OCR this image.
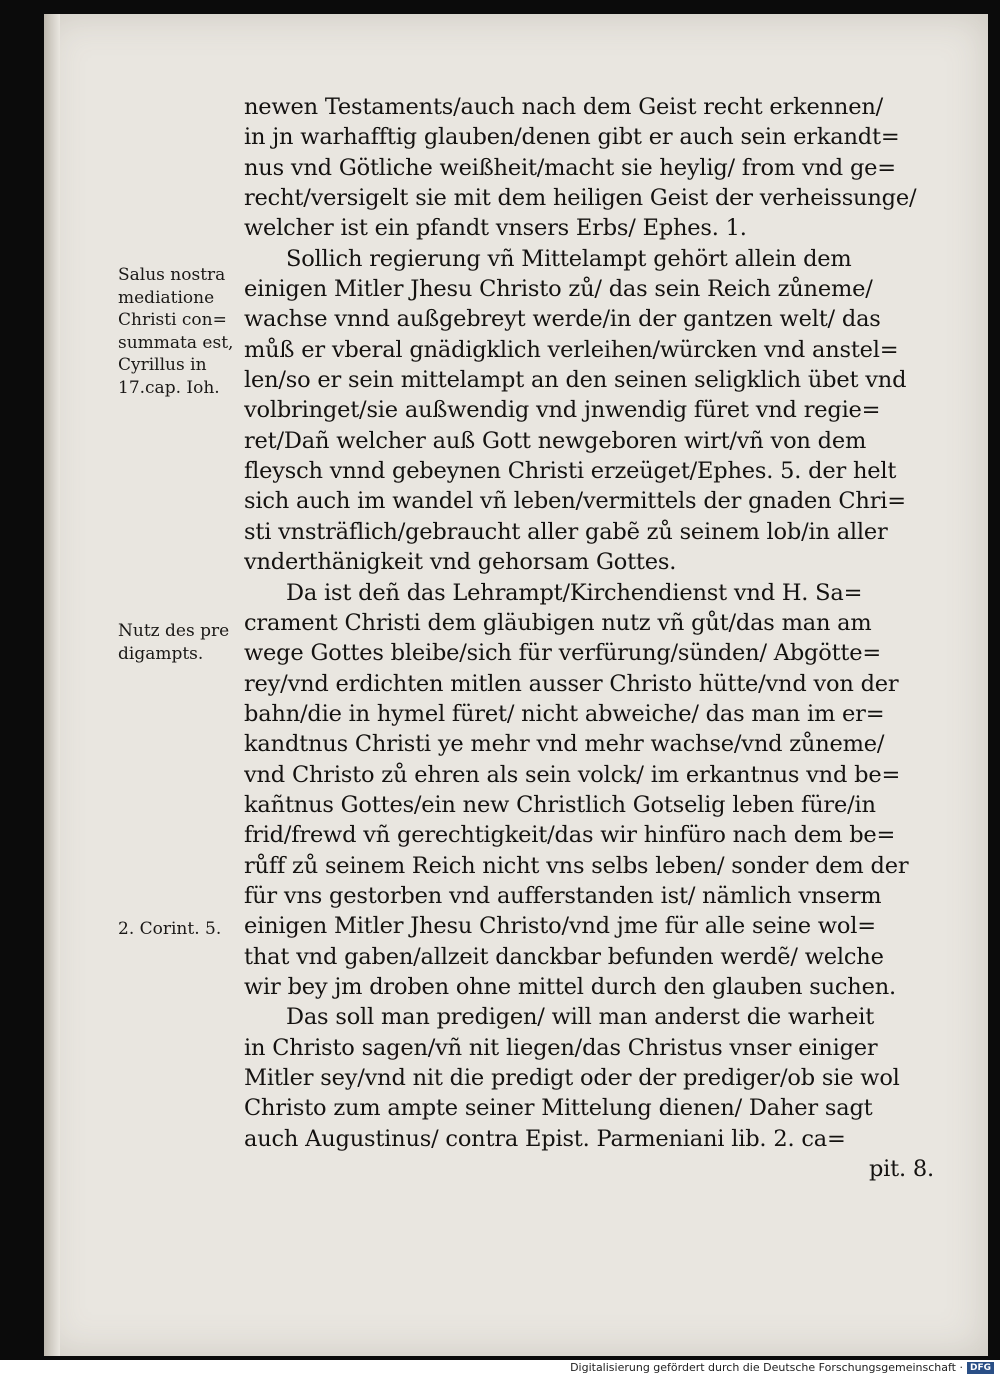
Salus nostra
mediatione
Christi con=
summata est,
Cyrillus in
17.cap. Ioh.
Nutz des pre
digampts.
2. Corint. 5.
newen Testaments/auch nach dem Geist recht erkennen/
in jn warhafftig glauben/denen gibt er auch sein erkandt=
nus vnd Götliche weißheit/macht sie heylig/ from vnd ge=
recht/versigelt sie mit dem heiligen Geist der verheissunge/
welcher ist ein pfandt vnsers Erbs/ Ephes. 1.
Sollich regierung vñ Mittelampt gehört allein dem
einigen Mitler Jhesu Christo zů/ das sein Reich zůneme/
wachse vnnd außgebreyt werde/in der gantzen welt/ das
můß er vberal gnädigklich verleihen/würcken vnd anstel=
len/so er sein mittelampt an den seinen seligklich übet vnd
volbringet/sie außwendig vnd jnwendig füret vnd regie=
ret/Dañ welcher auß Gott newgeboren wirt/vñ von dem
fleysch vnnd gebeynen Christi erzeüget/Ephes. 5. der helt
sich auch im wandel vñ leben/vermittels der gnaden Chri=
sti vnsträflich/gebraucht aller gabẽ zů seinem lob/in aller
vnderthänigkeit vnd gehorsam Gottes.
Da ist deñ das Lehrampt/Kirchendienst vnd H. Sa=
crament Christi dem gläubigen nutz vñ gůt/das man am
wege Gottes bleibe/sich für verfürung/sünden/ Abgötte=
rey/vnd erdichten mitlen ausser Christo hütte/vnd von der
bahn/die in hymel füret/ nicht abweiche/ das man im er=
kandtnus Christi ye mehr vnd mehr wachse/vnd zůneme/
vnd Christo zů ehren als sein volck/ im erkantnus vnd be=
kañtnus Gottes/ein new Christlich Gotselig leben füre/in
frid/frewd vñ gerechtigkeit/das wir hinfüro nach dem be=
růff zů seinem Reich nicht vns selbs leben/ sonder dem der
für vns gestorben vnd aufferstanden ist/ nämlich vnserm
einigen Mitler Jhesu Christo/vnd jme für alle seine wol=
that vnd gaben/allzeit danckbar befunden werdẽ/ welche
wir bey jm droben ohne mittel durch den glauben suchen.
Das soll man predigen/ will man anderst die warheit
in Christo sagen/vñ nit liegen/das Christus vnser einiger
Mitler sey/vnd nit die predigt oder der prediger/ob sie wol
Christo zum ampte seiner Mittelung dienen/ Daher sagt
auch Augustinus/ contra Epist. Parmeniani lib. 2. ca=
pit. 8.
Digitalisierung gefördert durch die Deutsche Forschungsgemeinschaft · DFG
